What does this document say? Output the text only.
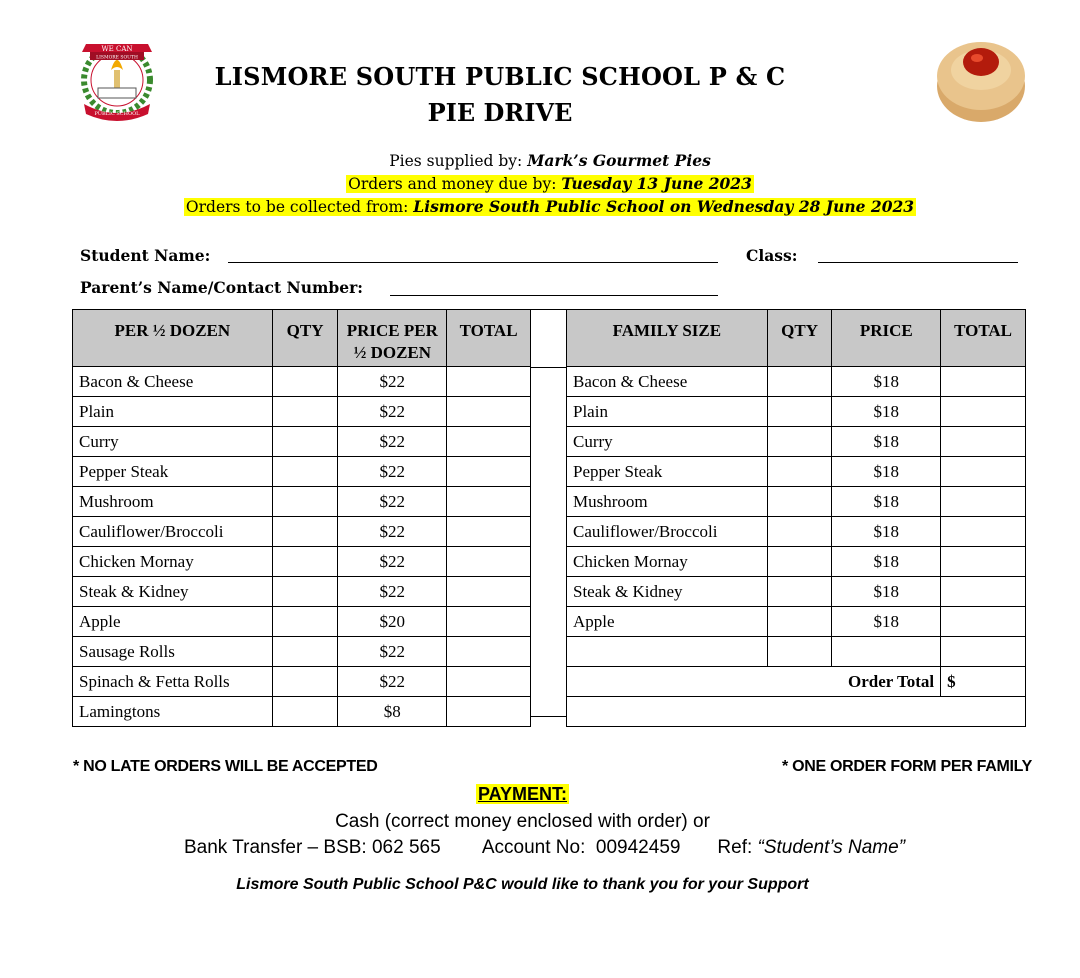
WE CAN
LISMORE SOUTH
PUBLIC SCHOOL
LISMORE SOUTH PUBLIC SCHOOL P & C
PIE DRIVE
Pies supplied by: Mark’s Gourmet Pies
Orders and money due by: Tuesday 13 June 2023
Orders to be collected from: Lismore South Public School on Wednesday 28 June 2023
Student Name:	Class:
Parent’s Name/Contact Number:
PER ½ DOZEN	QTY	PRICE PER ½ DOZEN	TOTAL
Bacon & Cheese		$22	
Plain		$22	
Curry		$22	
Pepper Steak		$22	
Mushroom		$22	
Cauliflower/Broccoli		$22	
Chicken Mornay		$22	
Steak & Kidney		$22	
Apple		$20	
Sausage Rolls		$22	
Spinach & Fetta Rolls		$22	
Lamingtons		$8	

FAMILY SIZE	QTY	PRICE	TOTAL
Bacon & Cheese		$18	
Plain		$18	
Curry		$18	
Pepper Steak		$18	
Mushroom		$18	
Cauliflower/Broccoli		$18	
Chicken Mornay		$18	
Steak & Kidney		$18	
Apple		$18	

Order Total			$

* NO LATE ORDERS WILL BE ACCEPTED	* ONE ORDER FORM PER FAMILY
PAYMENT:
Cash (correct money enclosed with order) or
Bank Transfer – BSB: 062 565 Account No:  00942459 Ref: “Student’s Name”
Lismore South Public School P&C would like to thank you for your Support
